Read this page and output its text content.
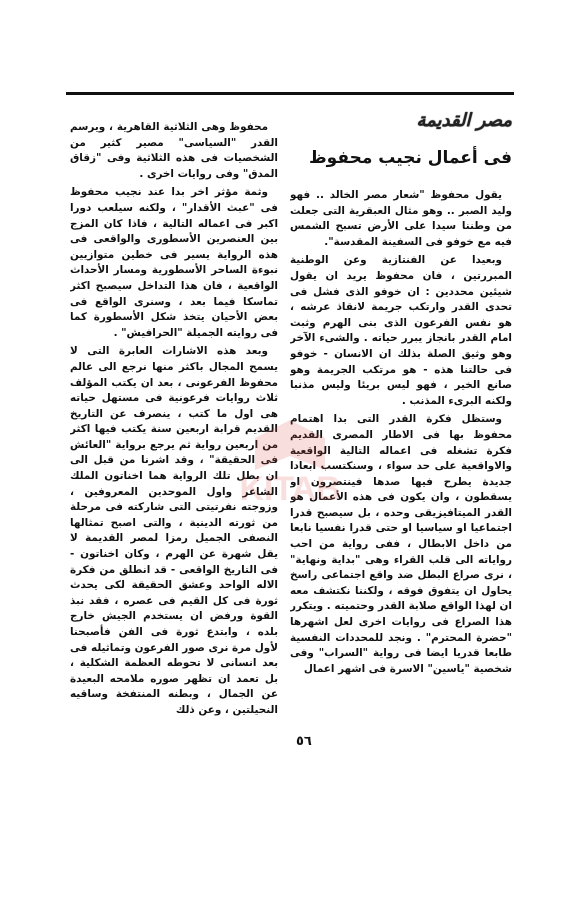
مصر القديمة
فى أعمال نجيب محفوظ

يقول محفوظ "شعار مصر الخالد .. فهو وليد الصبر .. وهو مثال العبقرية التى جعلت من وطننا سيدا على الأرض تسبح الشمس فيه مع خوفو فى السفينة المقدسة".

وبعيدا عن الفنتازية وعن الوطنية المبررتين ، فان محفوظ يريد ان يقول شيئين محددين : ان خوفو الذى فشل فى تحدى القدر وارتكب جريمة لانقاذ عرشه ، هو نفس الفرعون الذى بنى الهرم وثبت امام القدر بانجاز يبرر حياته . والشىء الآخر وهو وثيق الصلة بذلك ان الانسان - خوفو فى حالتنا هذه - هو مرتكب الجريمة وهو صانع الخير ، فهو ليس بريئا وليس مذنبا ولكنه البرىء المذنب .

وستظل فكرة القدر التى بدا اهتمام محفوظ بها فى الاطار المصرى القديم فكرة تشغله فى اعماله التالية الواقعية والاواقعية على حد سواء ، وسنكتسب ابعادا جديدة يطرح فيها صدها فينتصرون او يسقطون ، وان يكون فى هذه الأعمال هو القدر الميتافيزيقى وحده ، بل سيصبح قدرا اجتماعيا او سياسيا او حتى قدرا نفسيا نابعا من داخل الابطال ، ففى رواية من احب رواياته الى قلب القراء وهى "بداية ونهاية" ، نرى صراع البطل ضد واقع اجتماعى راسخ يحاول ان يتفوق فوقه ، ولكننا نكتشف معه ان لهذا الواقع صلابة القدر وحتميته . ويتكرر هذا الصراع فى روايات اخرى لعل اشهرها "حضرة المحترم" . ونجد للمحددات النفسية طابعا قدريا ايضا فى رواية "السراب" وفى شخصية "ياسين" الاسرة فى اشهر اعمال

محفوظ وهى الثلاثية القاهرية ، ويرسم القدر "السياسى" مصير كثير من الشخصيات فى هذه الثلاثية وفى "زقاق المدق" وفى روايات اخرى .

وثمة مؤثر اخر بدا عند نجيب محفوظ فى "عبث الأقدار" ، ولكنه سيلعب دورا اكبر فى اعماله التالية ، فاذا كان المزج بين العنصرين الأسطورى والواقعى فى هذه الرواية يسير فى خطين متوازيين نبوءة الساحر الأسطورية ومسار الأحداث الواقعية ، فان هذا التداخل سيصبح اكثر تماسكا فيما بعد ، وسنرى الواقع فى بعض الأحيان يتخذ شكل الأسطورة كما فى روايته الجميلة "الحرافيش" .

وبعد هذه الاشارات العابرة التى لا يسمح المجال باكثر منها نرجع الى عالم محفوظ الفرعونى ، بعد ان يكتب المؤلف ثلاث روايات فرعونية فى مستهل حياته هى اول ما كتب ، ينصرف عن التاريخ القديم قرابة اربعين سنة يكتب فيها اكثر من اربعين رواية ثم يرجع برواية "العائش فى الحقيقة" ، وقد اشرنا من قبل الى ان بطل تلك الرواية هما اخناتون الملك الشاعر واول الموحدين المعروفين ، وزوجته نفرتيتى التى شاركته فى مرحلة من ثورته الدينية ، والتى اصبح تمثالها النصفى الجميل رمزا لمصر القديمة لا يقل شهرة عن الهرم ، وكان اخناتون - فى التاريخ الواقعى - قد انطلق من فكرة الاله الواحد وعشق الحقيقة لكى يحدث ثورة فى كل القيم فى عصره ، فقد نبذ القوة ورفض ان يستخدم الجيش خارج بلده ، وابتدع ثورة فى الفن فأصبحنا لأول مرة نرى صور الفرعون وتماثيله فى بعد انسانى لا تحوطه العظمة الشكلية ، بل تعمد ان تظهر صوره ملامحه البعيدة عن الجمال ، وبطنه المنتفخة وساقيه النحيلتين ، وعن ذلك

٥٦
KITAB
